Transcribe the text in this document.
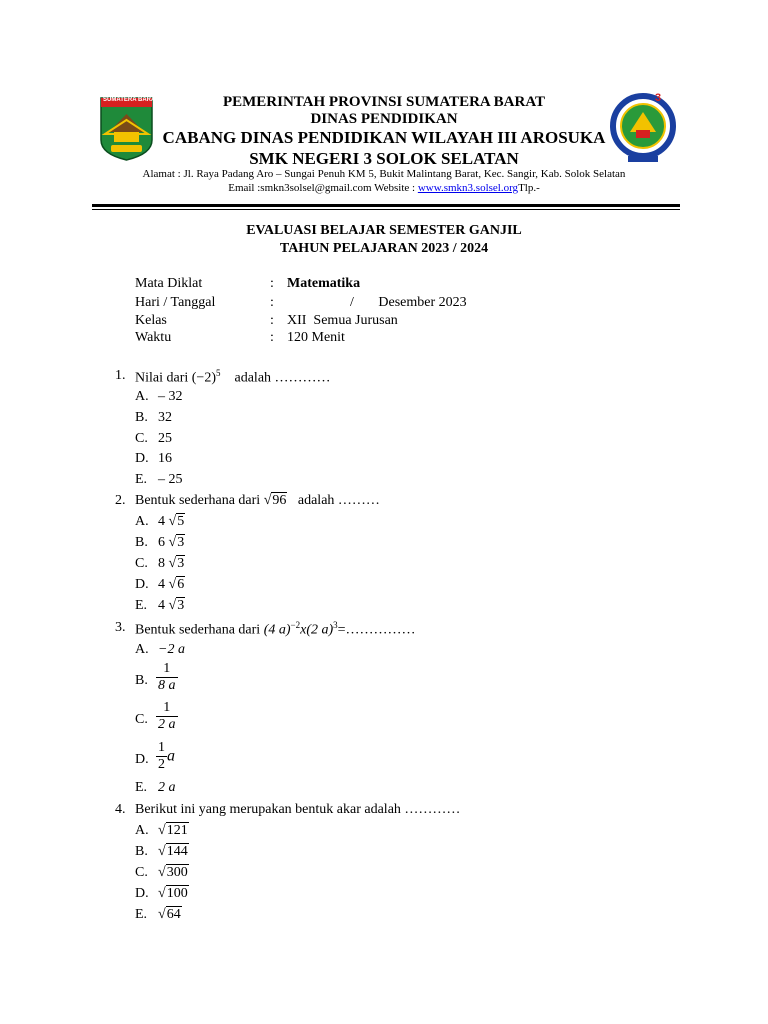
SUMATERA BARAT	3
PEMERINTAH PROVINSI SUMATERA BARAT
DINAS PENDIDIKAN
CABANG DINAS PENDIDIKAN WILAYAH III AROSUKA
SMK NEGERI 3 SOLOK SELATAN
Alamat : Jl. Raya Padang Aro – Sungai Penuh KM 5, Bukit Malintang Barat, Kec. Sangir, Kab. Solok Selatan
Email :smkn3solsel@gmail.com Website : www.smkn3.solsel.orgTlp.-
EVALUASI BELAJAR SEMESTER GANJIL
TAHUN PELAJARAN 2023 / 2024
Mata Diklat	: Matematika
Hari / Tanggal	:	/       Desember 2023
Kelas	: XII  Semua Jurusan
Waktu	: 120 Menit
1. Nilai dari $(-2)^5$ adalah …………
A. – 32
B. 32
C. 25
D. 16
E. – 25
2. Bentuk sederhana dari √96 adalah ………
A. 4 √5
B. 6 √3
C. 8 √3
D. 4 √6
E. 4 √3
3. Bentuk sederhana dari (4 a)$^{-2}$x(2 a)$^3$=……………
A. −2 a
B. $\frac{1}{8 a}$
C. $\frac{1}{2 a}$
D. $\frac{1}{2}$ a
E. 2 a
4. Berikut ini yang merupakan bentuk akar adalah …………
A. √121
B. √144
C. √300
D. √100
E. √64
